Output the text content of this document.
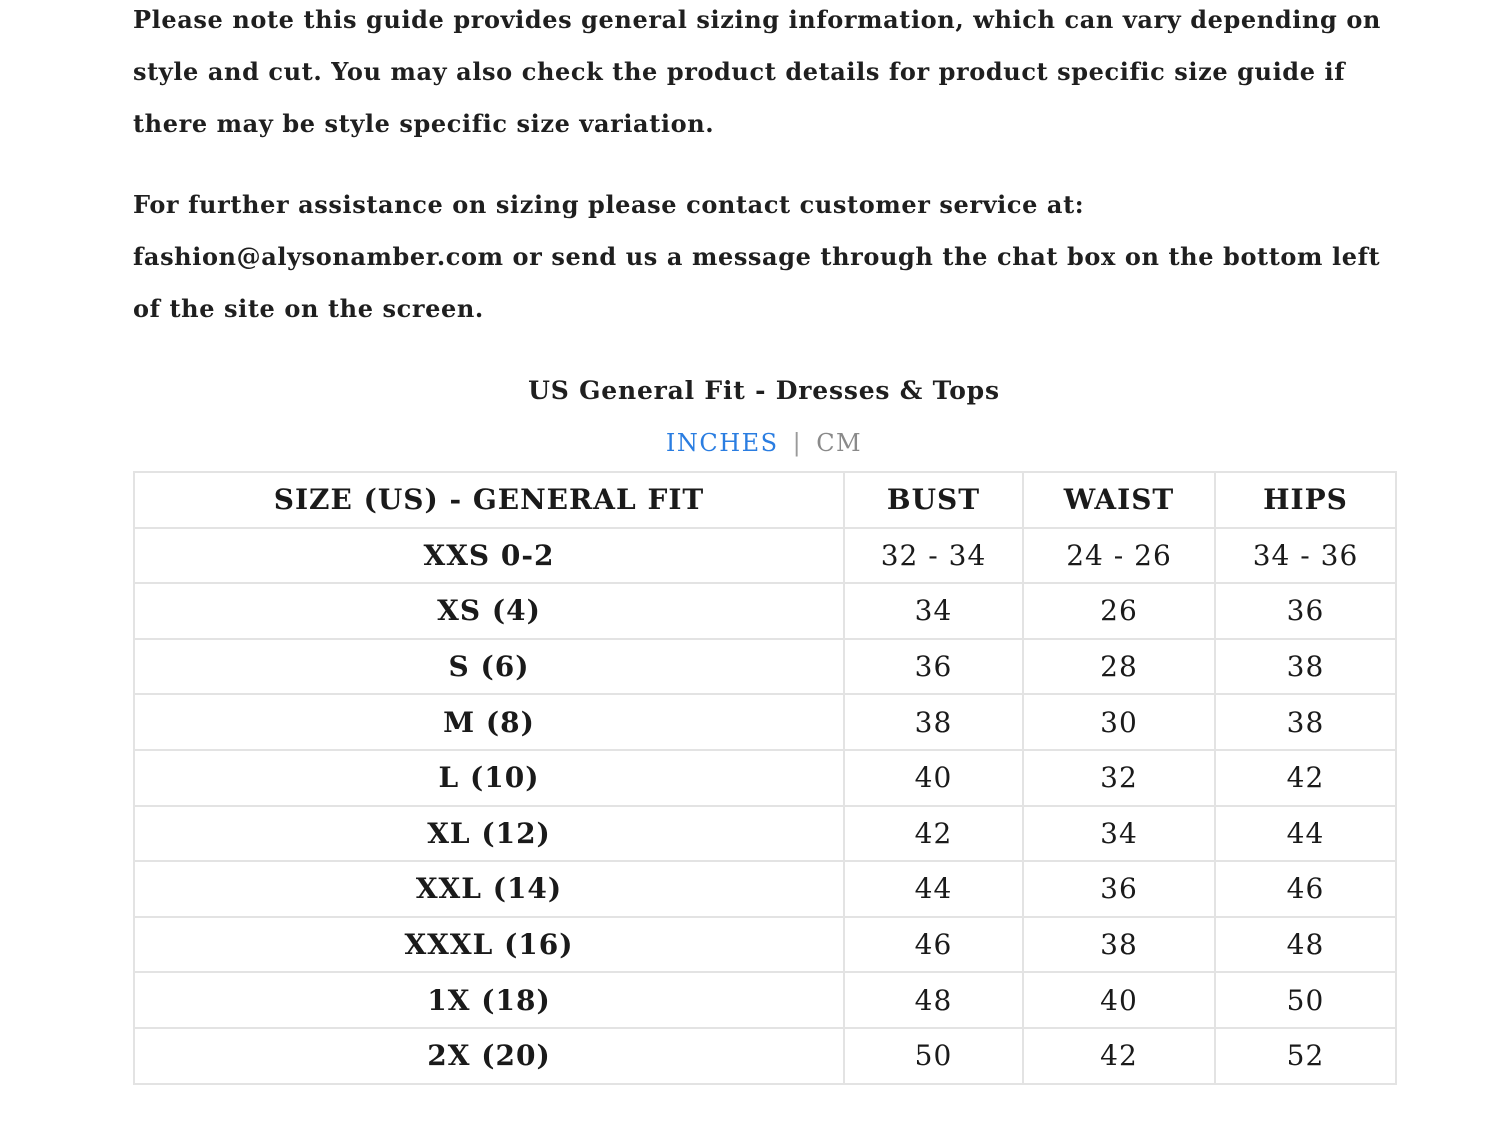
Please note this guide provides general sizing information, which can vary depending on style and cut. You may also check the product details for product specific size guide if there may be style specific size variation.

For further assistance on sizing please contact customer service at:
fashion@alysonamber.com or send us a message through the chat box on the bottom left of the site on the screen.

US General Fit - Dresses & Tops
INCHES | CM
SIZE (US) - GENERAL FIT	BUST	WAIST	HIPS
XXS 0-2	32 - 34	24 - 26	34 - 36
XS (4)	34	26	36
S (6)	36	28	38
M (8)	38	30	38
L (10)	40	32	42
XL (12)	42	34	44
XXL (14)	44	36	46
XXXL (16)	46	38	48
1X (18)	48	40	50
2X (20)	50	42	52
